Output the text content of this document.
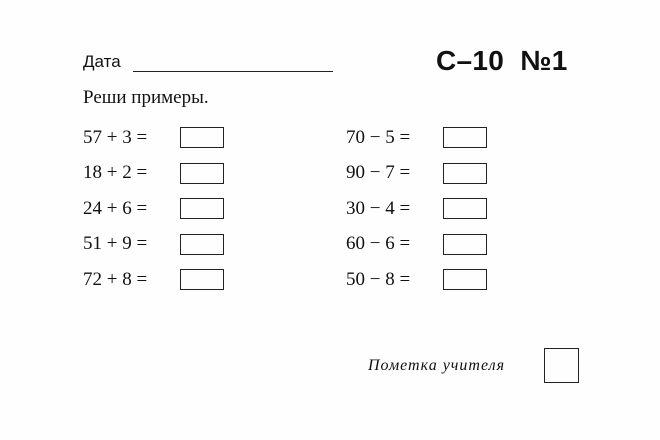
Дата	С–10  №1
Реши примеры.
57 + 3 =
18 + 2 =
24 + 6 =
51 + 9 =
72 + 8 =
70 − 5 =
90 − 7 =
30 − 4 =
60 − 6 =
50 − 8 =
Пометка учителя
